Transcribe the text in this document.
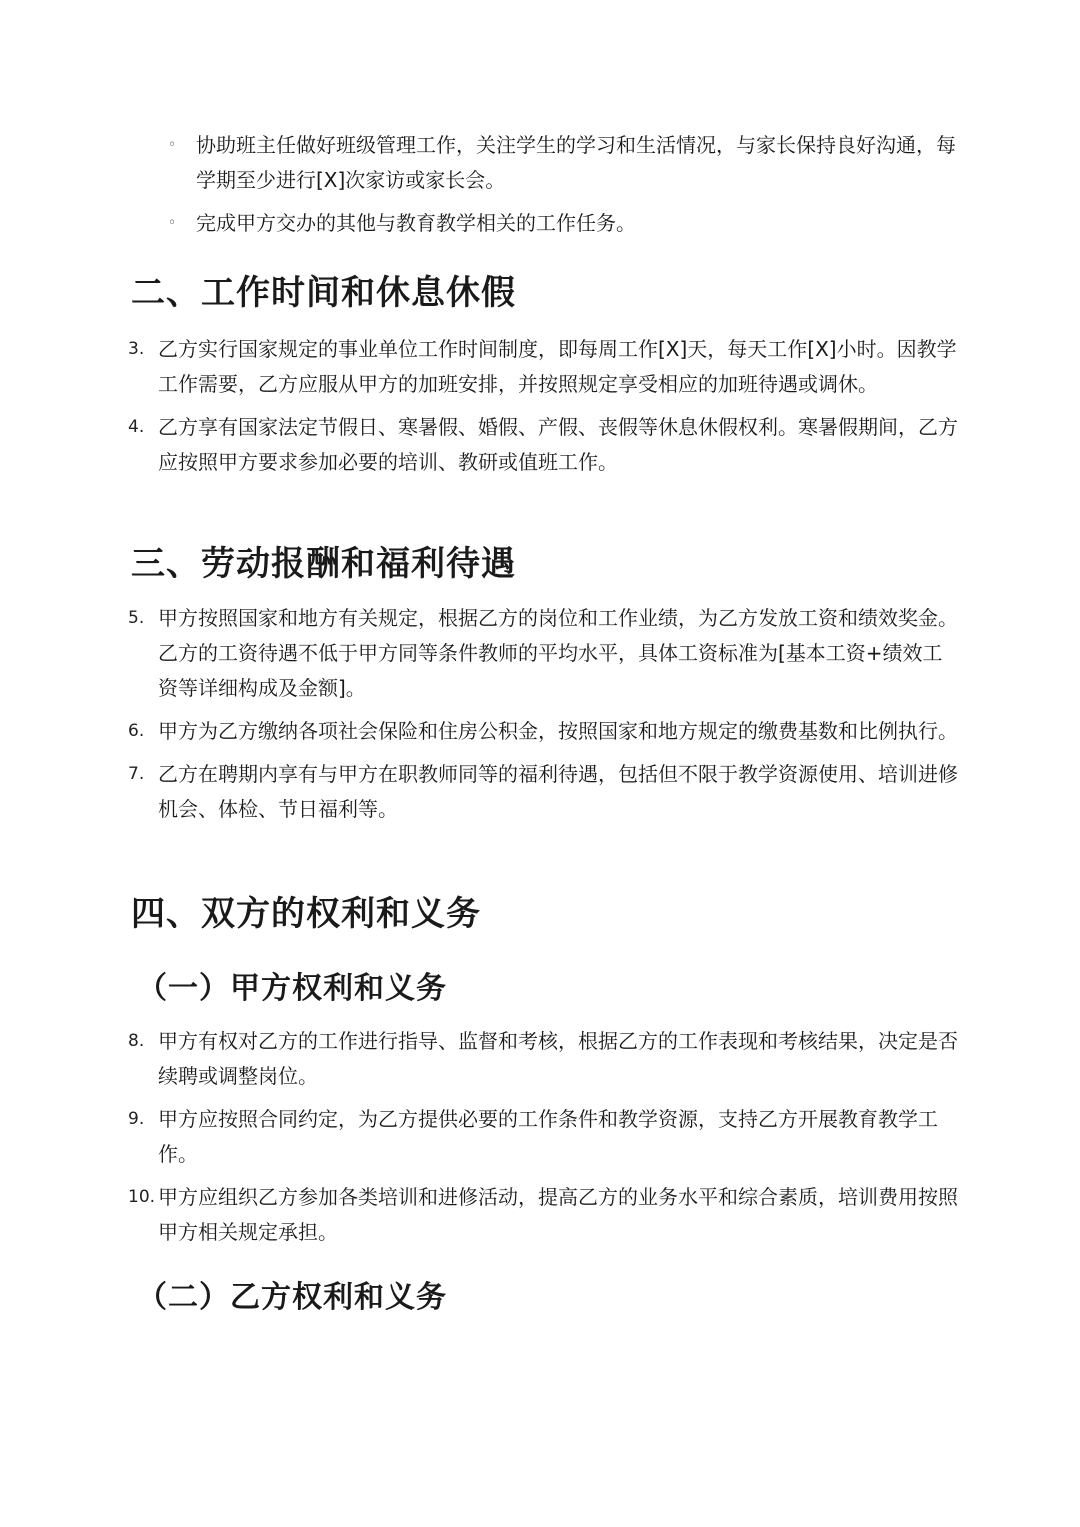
◦ 协助班主任做好班级管理工作，关注学生的学习和生活情况，与家长保持良好沟通，每学期至少进行[X]次家访或家长会。
◦ 完成甲方交办的其他与教育教学相关的工作任务。
二、工作时间和休息休假
3. 乙方实行国家规定的事业单位工作时间制度，即每周工作[X]天，每天工作[X]小时。因教学工作需要，乙方应服从甲方的加班安排，并按照规定享受相应的加班待遇或调休。
4. 乙方享有国家法定节假日、寒暑假、婚假、产假、丧假等休息休假权利。寒暑假期间，乙方应按照甲方要求参加必要的培训、教研或值班工作。
三、劳动报酬和福利待遇
5. 甲方按照国家和地方有关规定，根据乙方的岗位和工作业绩，为乙方发放工资和绩效奖金。乙方的工资待遇不低于甲方同等条件教师的平均水平，具体工资标准为[基本工资+绩效工资等详细构成及金额]。
6. 甲方为乙方缴纳各项社会保险和住房公积金，按照国家和地方规定的缴费基数和比例执行。
7. 乙方在聘期内享有与甲方在职教师同等的福利待遇，包括但不限于教学资源使用、培训进修机会、体检、节日福利等。
四、双方的权利和义务
（一）甲方权利和义务
8. 甲方有权对乙方的工作进行指导、监督和考核，根据乙方的工作表现和考核结果，决定是否续聘或调整岗位。
9. 甲方应按照合同约定，为乙方提供必要的工作条件和教学资源，支持乙方开展教育教学工作。
10. 甲方应组织乙方参加各类培训和进修活动，提高乙方的业务水平和综合素质，培训费用按照甲方相关规定承担。
（二）乙方权利和义务
